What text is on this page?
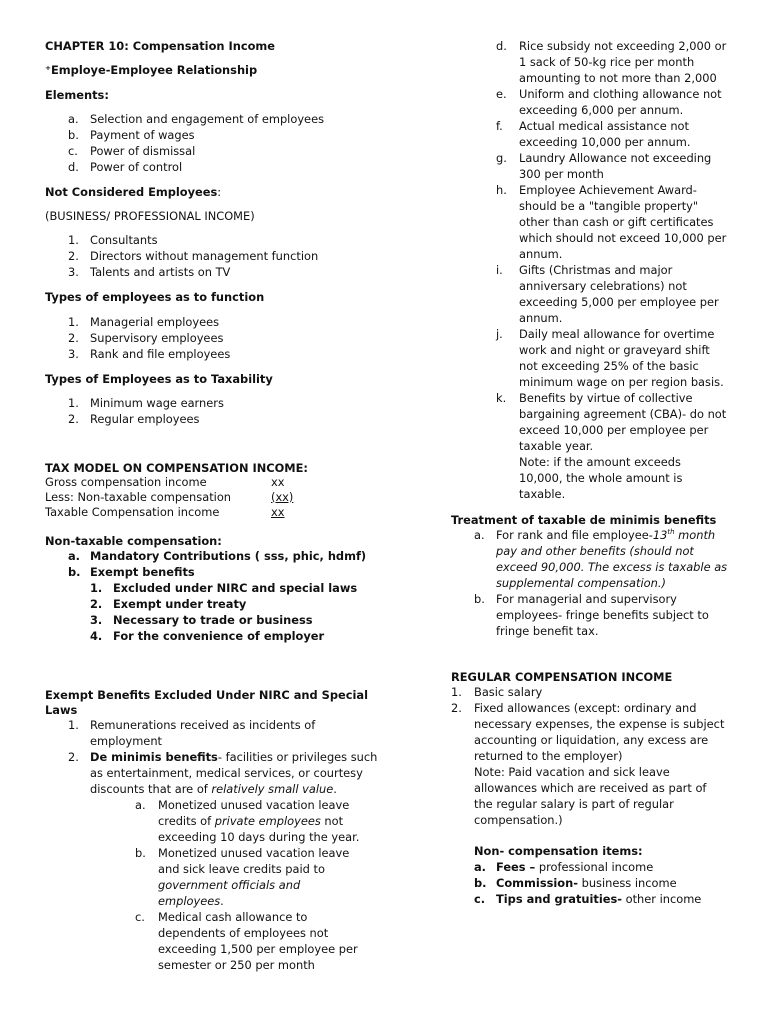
CHAPTER 10: Compensation Income
⁺Employe-Employee Relationship
Elements:
a. Selection and engagement of employees
b. Payment of wages
c. Power of dismissal
d. Power of control
Not Considered Employees:
(BUSINESS/ PROFESSIONAL INCOME)
1. Consultants
2. Directors without management function
3. Talents and artists on TV
Types of employees as to function
1. Managerial employees
2. Supervisory employees
3. Rank and file employees
Types of Employees as to Taxability
1. Minimum wage earners
2. Regular employees
TAX MODEL ON COMPENSATION INCOME:
Gross compensation income	xx
Less: Non-taxable compensation	(xx)
Taxable Compensation income	xx
Non-taxable compensation:
a. Mandatory Contributions ( sss, phic, hdmf)
b. Exempt benefits
1. Excluded under NIRC and special laws
2. Exempt under treaty
3. Necessary to trade or business
4. For the convenience of employer
Exempt Benefits Excluded Under NIRC and Special
Laws
1. Remunerations received as incidents of
employment
2. De minimis benefits- facilities or privileges such
as entertainment, medical services, or courtesy
discounts that are of relatively small value.
a. Monetized unused vacation leave
credits of private employees not
exceeding 10 days during the year.
b. Monetized unused vacation leave
and sick leave credits paid to
government officials and
employees.
c. Medical cash allowance to
dependents of employees not
exceeding 1,500 per employee per
semester or 250 per month
d. Rice subsidy not exceeding 2,000 or
1 sack of 50-kg rice per month
amounting to not more than 2,000
e. Uniform and clothing allowance not
exceeding 6,000 per annum.
f. Actual medical assistance not
exceeding 10,000 per annum.
g. Laundry Allowance not exceeding
300 per month
h. Employee Achievement Award-
should be a "tangible property"
other than cash or gift certificates
which should not exceed 10,000 per
annum.
i. Gifts (Christmas and major
anniversary celebrations) not
exceeding 5,000 per employee per
annum.
j. Daily meal allowance for overtime
work and night or graveyard shift
not exceeding 25% of the basic
minimum wage on per region basis.
k. Benefits by virtue of collective
bargaining agreement (CBA)- do not
exceed 10,000 per employee per
taxable year.
Note: if the amount exceeds
10,000, the whole amount is
taxable.
Treatment of taxable de minimis benefits
a. For rank and file employee-13th month
pay and other benefits (should not
exceed 90,000. The excess is taxable as
supplemental compensation.)
b. For managerial and supervisory
employees- fringe benefits subject to
fringe benefit tax.
REGULAR COMPENSATION INCOME
1. Basic salary
2. Fixed allowances (except: ordinary and
necessary expenses, the expense is subject
accounting or liquidation, any excess are
returned to the employer)
Note: Paid vacation and sick leave
allowances which are received as part of
the regular salary is part of regular
compensation.)
Non- compensation items:
a. Fees – professional income
b. Commission- business income
c. Tips and gratuities- other income
